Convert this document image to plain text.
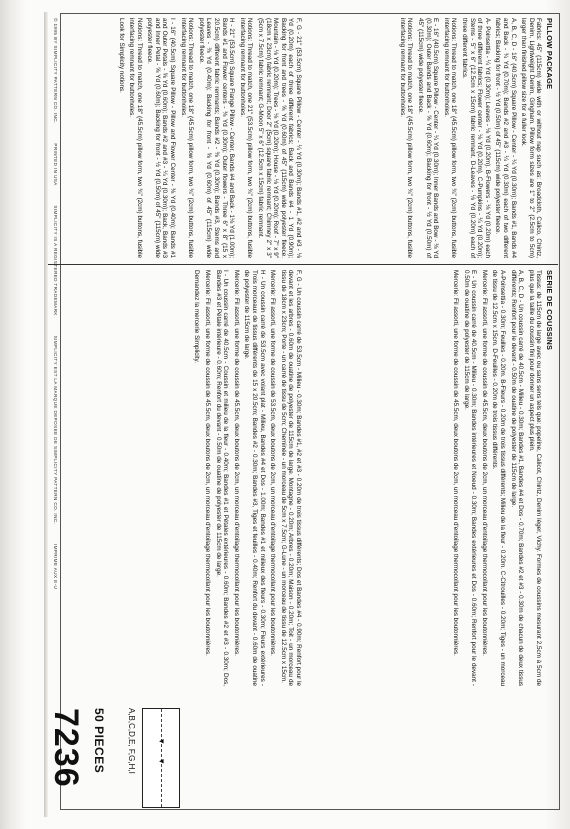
7236 50 PIECES	A,B,C,D,E, F,G,H,I ▾
▾
PILLOW PACKAGE

Fabrics: 45" (115cm) wide with or without nap such as: Broadcloth, Calico, Chintz, Denim, Lightweight Denim, Gingham. Pillow form sizes are 1" to 2" (2.5cm to 5cm) larger than finished pillow size for a fuller look.

A, B, C, D - 16" (40.5cm) Square Pillow - Center - ¼ Yd (0.30m); Bands #1, Bands #4 and Back - ¾ Yd (0.70m); Bands #2 and #3 - ¼ Yd (0.30m) each of two different fabrics; Backing for front - ½ Yd (0.50m) of 45" (115cm) wide polyester fleece.

A- Poinsettia - ¼ Yd (0.30m); Leaves - ⅛ Yd (0.20m). B-Flowers - ⅛ Yd (0.20m) each of three different fabrics; Flower center - ⅛ Yd (0.20m). C-Pumpkins - ¼ Yd (0.20m); Stems - 5" x 6" (12.5cm x 15cm) fabric remnant. D-Leaves - ⅛ Yd (0.20m) each of three different fabrics.

Notions: Thread to match, one 18" (45.5cm) pillow form, two ¾" (2cm) buttons, fusible interfacing remnant for buttonholes.

E - 16" (40.5cm) Square Pillow - Center - ¼ Yd (0.30m); Inner Bands and Bow - ⅜ Yd (0.30m); Outer Bands and Back - ⅝ Yd (0.60m); Backing for front - ½ Yd (0.50m) of 45" (115cm) wide polyester fleece.

Notions: Thread to match, one 18" (45.5cm) pillow form, two ¾" (2cm) buttons, fusible interfacing remnant for buttonholes.

F, G - 21" (53.5cm) Square Pillow - Center - ¼ Yd (0.30m); Bands #1, #2 and #3 - ⅛ Yd (0.20m) each of three different fabrics; Back and Bands #4 - 1 Yd (0.90m); Backing for front and trees - ⅝ Yd (0.60m) of 45" (115cm) wide polyester fleece. Mountain - ⅛ Yd (0.20m); Trees - ⅛ Yd (0.20m); House - ⅛ Yd (0.20m); Roof - 7" x 9" (18cm x 23cm) fabric remnant; Door 2" (5cm) square fabric remnant; Chimney 2" x 3" (5cm x 7.5cm) fabric remnant; G-Moon 5" x 6" (12.5cm x 15cm) fabric remnant.

Notions: Thread to match, one 21" (53.5cm) pillow form, two ¾" (2cm) buttons, fusible interfacing remnant for buttonholes.

H - 21" (53.5cm) Square Flange Pillow - Center, Bands #4 and Back - 1⅛ Yd (1.00m); Bands #1 and Flower centers - ⅜ Yd (0.30m); Outer flowers - Three 6" x 8" (15 x 20.5cm) different fabric remnants; Bands #2 - ⅜ Yd (0.30m); Bands #3, Stems and Leaves - ⅜ Yd (0.40m); Backing for front - ⅝ Yd (0.60m) of 45" (115cm) wide polyester fleece.

Notions: Thread to match, one 18" (45.5cm) pillow form, two ¾" (2cm) buttons, fusible interfacing remnant for buttonholes.

I - 16" (40.5cm) Square Pillow - Pillow and Flower Center - ⅜ Yd (0.40m); Bands #1 and Outer Petals - ⅝ Yd (0.60m); Bands #2 and #3 - ¼ Yd (0.30m); Back, Bands #3 and Inner Petal - ⅝ Yd (0.60m); Backing for front - ½ Yd (0.50m) of 45" (115cm) wide polyester fleece.

Notions: Thread to match, one 18" (45.5cm) pillow form, two ¾" (2cm) buttons, fusible interfacing remnant for buttonholes.

Look for Simplicity notions.

SERIE DE COUSSINS

Tissus: de 115cm de large avec ou sans sens tels que: popeline, Calicot, Chintz, Denim léger, Vichy. Formes de coussins mesurant 2,5cm à 5cm de plus que la taille du coussin fini pour donner un aspect plus plein.

A, B, C, D - Un coussin carré de 40.5cm - Milieu - 0.30m; Bandes #1, Bandes #4 et Dos - 0.70m; Bandes #2 et #3 - 0.30m de chacun de deux tissus différents; Renfort pour le devant - 0.50m de ouatine de polyester de 115cm de large.

A-Poinsettia - 0.30m; Feuilles - 0.20m. B-Fleurs - 0.20m de trois tissus différents; Milieu de la fleur - 0.20m. C-Citrouilles - 0.20m; Tiges - un morceau de tissu de 12.5cm x 15cm. D-Feuilles - 0.20m de trois tissus différents.

Mercerie: Fil assorti, une forme de coussin de 45.5cm, deux boutons de 2cm, un morceau d'entoilage thermocollant pour les boutonnières.

E - Un coussin carré de 40.5cm - Milieu - 0.30m; Bandes intérieures et Noeud - 0.30m; Bandes extérieures et Dos - 0.60m; Renfort pour le devant - 0.50m de ouatine de polyester de 115cm de large.

Mercerie: Fil assorti, une forme de coussin de 45.5cm, deux boutons de 2cm, un morceau d'entoilage thermocollant pour les boutonnières.

F, G - Un coussin carré de 53.5cm - Milieu - 0.30m; Bandes #1, #2 et #3 - 0.20m de trois tissus différents; Dos et Bandes #4 - 0.90m; Renfort pour le devant et les arbres - 0.60m de ouatine de polyester de 115cm de large. Montagne - 0.20m; Arbres - 0.20m; Maison - 0.20m; Toit - un morceau de tissu de 18cm x 23cm; Porte - un carré de tissu de 5cm; Cheminée - un morceau de 5cm x 7.5cm; G-Lune - un morceau de tissu de 12.5cm x 15cm.

Mercerie: Fil assorti, une forme de coussin de 53.5cm, deux boutons de 2cm, un morceau d'entoilage thermocollant pour les boutonnières.

H - Un coussin carré de 53.5cm avec volant plat - Milieu, Bandes #4 et Dos - 1.00m; Bandes #1 et milieux des fleurs - 0.30m; Fleurs extérieures - Trois morceaux de tissus différents de 15 x 20.5cm; Bandes #2 - 0.30m; Bandes #3, Tiges et feuilles - 0.40m; Renfort du devant - 0.60m de ouatine de polyester de 115cm de large.

Mercerie: Fil assorti, une forme de coussin de 45.5cm, deux boutons de 2cm, un morceau d'entoilage thermocollant pour les boutonnières.

I - Un coussin carré de 40.5cm - Coussin et milieu de la fleur - 0.40m; Bandes #1 et Pétales extérieures - 0.60m; Bandes #2 et #3 - 0.30m; Dos, Bandes #3 et Pétale intérieure - 0.60m; Renfort du devant - 0.50m de ouatine de polyester de 115cm de large.

Mercerie: Fil assorti, une forme de coussin de 45.5cm, deux boutons de 2cm, un morceau d'entoilage thermocollant pour les boutonnières.

Demandez la mercerie Simplicity.

© 1995 BY SIMPLICITY PATTERN CO. INC. PRINTED IN USA SIMPLICITY IS A REGISTERED TRADEMARK SIMPLICITY EST LA MARQUE DEPOSEE DE SIMPLICITY PATTERN CO. INC. IMPRIME AUX E-U
